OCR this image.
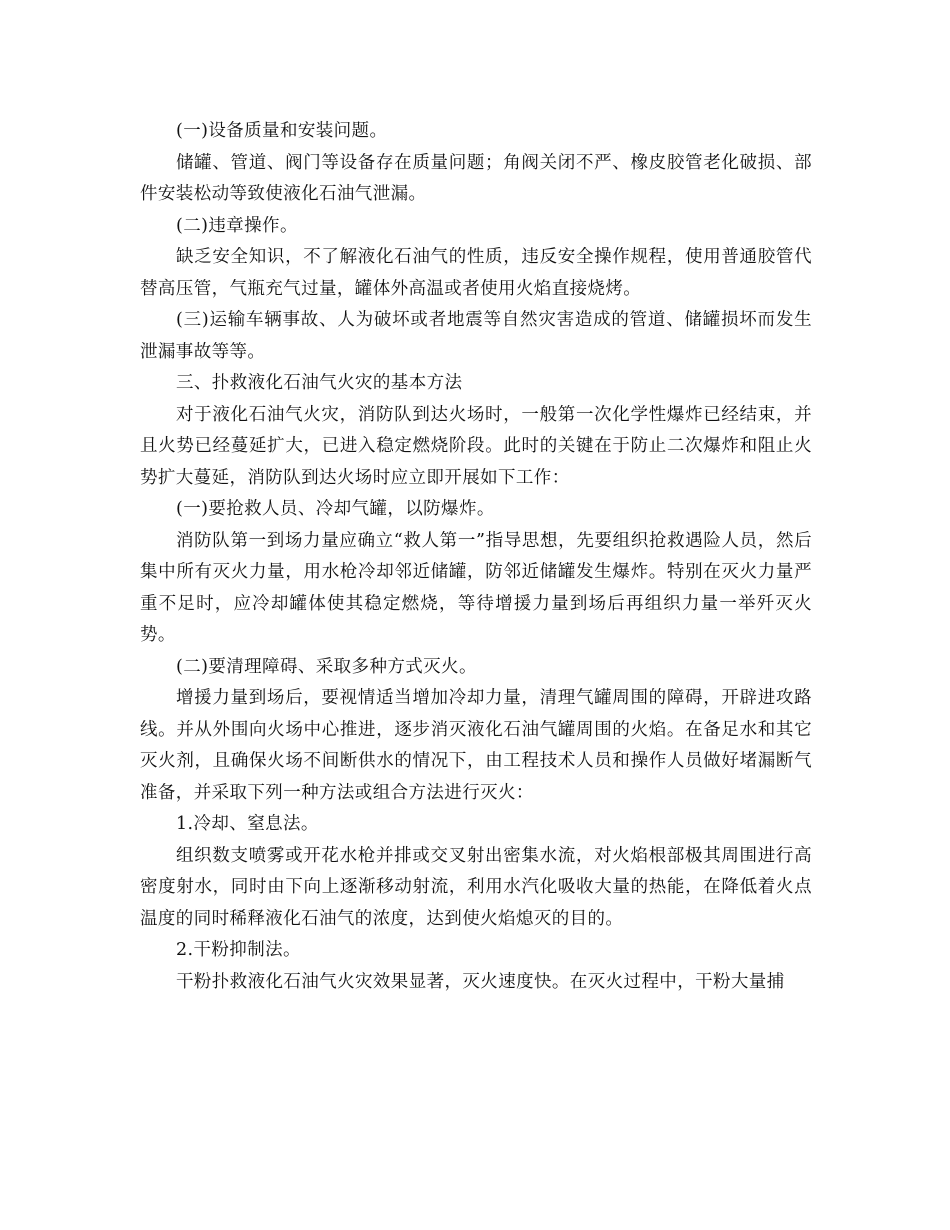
(一)设备质量和安装问题。

储罐、管道、阀门等设备存在质量问题；角阀关闭不严、橡皮胶管老化破损、部件安装松动等致使液化石油气泄漏。

(二)违章操作。

缺乏安全知识，不了解液化石油气的性质，违反安全操作规程，使用普通胶管代替高压管，气瓶充气过量，罐体外高温或者使用火焰直接烧烤。

(三)运输车辆事故、人为破坏或者地震等自然灾害造成的管道、储罐损坏而发生泄漏事故等等。

三、扑救液化石油气火灾的基本方法

对于液化石油气火灾，消防队到达火场时，一般第一次化学性爆炸已经结束，并且火势已经蔓延扩大，已进入稳定燃烧阶段。此时的关键在于防止二次爆炸和阻止火势扩大蔓延，消防队到达火场时应立即开展如下工作：

(一)要抢救人员、冷却气罐，以防爆炸。

消防队第一到场力量应确立“救人第一”指导思想，先要组织抢救遇险人员，然后集中所有灭火力量，用水枪冷却邻近储罐，防邻近储罐发生爆炸。特别在灭火力量严重不足时，应冷却罐体使其稳定燃烧，等待增援力量到场后再组织力量一举歼灭火势。

(二)要清理障碍、采取多种方式灭火。

增援力量到场后，要视情适当增加冷却力量，清理气罐周围的障碍，开辟进攻路线。并从外围向火场中心推进，逐步消灭液化石油气罐周围的火焰。在备足水和其它灭火剂，且确保火场不间断供水的情况下，由工程技术人员和操作人员做好堵漏断气准备，并采取下列一种方法或组合方法进行灭火：

1.冷却、窒息法。

组织数支喷雾或开花水枪并排或交叉射出密集水流，对火焰根部极其周围进行高密度射水，同时由下向上逐渐移动射流，利用水汽化吸收大量的热能，在降低着火点温度的同时稀释液化石油气的浓度，达到使火焰熄灭的目的。

2.干粉抑制法。

干粉扑救液化石油气火灾效果显著，灭火速度快。在灭火过程中，干粉大量捕
